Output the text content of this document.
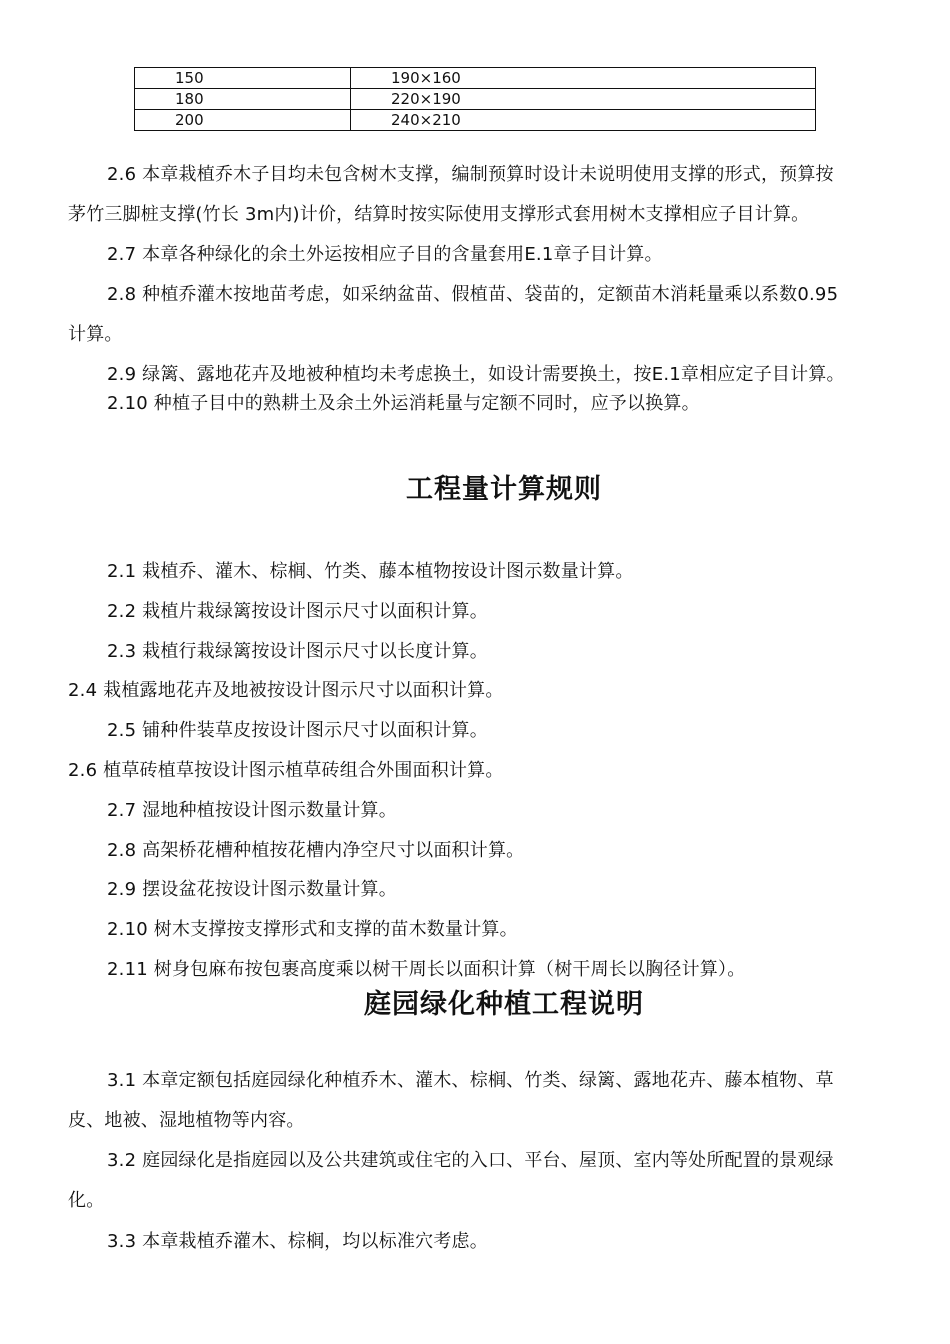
150	190×160
180	220×190
200	240×210
2.6 本章栽植乔木子目均未包含树木支撑，编制预算时设计未说明使用支撑的形式，预算按
茅竹三脚桩支撑(竹长 3m内)计价，结算时按实际使用支撑形式套用树木支撑相应子目计算。
2.7 本章各种绿化的余土外运按相应子目的含量套用E.1章子目计算。
2.8 种植乔灌木按地苗考虑，如采纳盆苗、假植苗、袋苗的，定额苗木消耗量乘以系数0.95
计算。
2.9 绿篱、露地花卉及地被种植均未考虑换土，如设计需要换土，按E.1章相应定子目计算。
2.10 种植子目中的熟耕土及余土外运消耗量与定额不同时，应予以换算。
工程量计算规则
2.1 栽植乔、灌木、棕榈、竹类、藤本植物按设计图示数量计算。
2.2 栽植片栽绿篱按设计图示尺寸以面积计算。
2.3 栽植行栽绿篱按设计图示尺寸以长度计算。
2.4 栽植露地花卉及地被按设计图示尺寸以面积计算。
2.5 铺种件装草皮按设计图示尺寸以面积计算。
2.6 植草砖植草按设计图示植草砖组合外围面积计算。
2.7 湿地种植按设计图示数量计算。
2.8 高架桥花槽种植按花槽内净空尺寸以面积计算。
2.9 摆设盆花按设计图示数量计算。
2.10 树木支撑按支撑形式和支撑的苗木数量计算。
2.11 树身包麻布按包裹高度乘以树干周长以面积计算（树干周长以胸径计算）。
庭园绿化种植工程说明
3.1 本章定额包括庭园绿化种植乔木、灌木、棕榈、竹类、绿篱、露地花卉、藤本植物、草
皮、地被、湿地植物等内容。
3.2 庭园绿化是指庭园以及公共建筑或住宅的入口、平台、屋顶、室内等处所配置的景观绿
化。
3.3 本章栽植乔灌木、棕榈，均以标准穴考虑。
